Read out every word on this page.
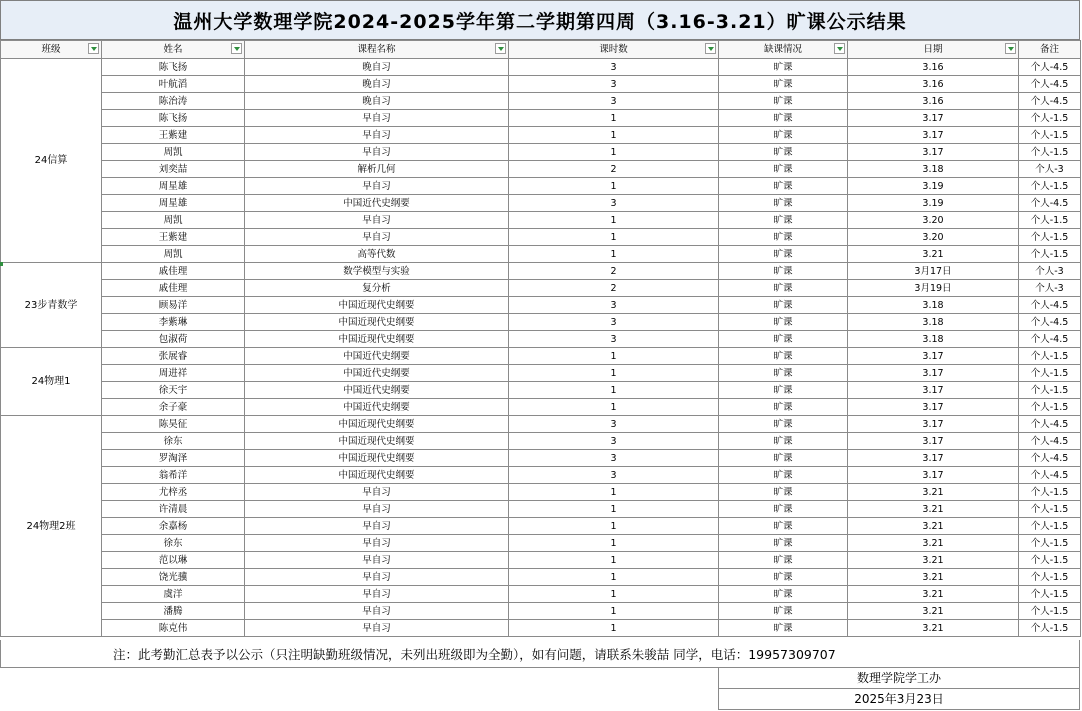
温州大学数理学院2024-2025学年第二学期第四周（3.16-3.21）旷课公示结果
班级	姓名	课程名称	课时数	缺课情况	日期	备注
24信算	陈飞扬	晚自习	3	旷课	3.16	个人-4.5
	叶航滔	晚自习	3	旷课	3.16	个人-4.5
	陈治涛	晚自习	3	旷课	3.16	个人-4.5
	陈飞扬	早自习	1	旷课	3.17	个人-1.5
	王紫建	早自习	1	旷课	3.17	个人-1.5
	周凯	早自习	1	旷课	3.17	个人-1.5
	刘奕喆	解析几何	2	旷课	3.18	个人-3
	周星雄	早自习	1	旷课	3.19	个人-1.5
	周星雄	中国近代史纲要	3	旷课	3.19	个人-4.5
	周凯	早自习	1	旷课	3.20	个人-1.5
	王紫建	早自习	1	旷课	3.20	个人-1.5
	周凯	高等代数	1	旷课	3.21	个人-1.5
23步青数学	戚佳理	数学模型与实验	2	旷课	3月17日	个人-3
	戚佳理	复分析	2	旷课	3月19日	个人-3
	顾易洋	中国近现代史纲要	3	旷课	3.18	个人-4.5
	李紫琳	中国近现代史纲要	3	旷课	3.18	个人-4.5
	包淑荷	中国近现代史纲要	3	旷课	3.18	个人-4.5
24物理1	张展睿	中国近代史纲要	1	旷课	3.17	个人-1.5
	周进祥	中国近代史纲要	1	旷课	3.17	个人-1.5
	徐天宇	中国近代史纲要	1	旷课	3.17	个人-1.5
	余子豪	中国近代史纲要	1	旷课	3.17	个人-1.5
24物理2班	陈昊征	中国近现代史纲要	3	旷课	3.17	个人-4.5
	徐东	中国近现代史纲要	3	旷课	3.17	个人-4.5
	罗淘泽	中国近现代史纲要	3	旷课	3.17	个人-4.5
	翁希洋	中国近现代史纲要	3	旷课	3.17	个人-4.5
	尤梓丞	早自习	1	旷课	3.21	个人-1.5
	许清晨	早自习	1	旷课	3.21	个人-1.5
	余嘉杨	早自习	1	旷课	3.21	个人-1.5
	徐东	早自习	1	旷课	3.21	个人-1.5
	范以琳	早自习	1	旷课	3.21	个人-1.5
	饶光骥	早自习	1	旷课	3.21	个人-1.5
	虞洋	早自习	1	旷课	3.21	个人-1.5
	潘腾	早自习	1	旷课	3.21	个人-1.5
	陈克伟	早自习	1	旷课	3.21	个人-1.5
注：此考勤汇总表予以公示（只注明缺勤班级情况，未列出班级即为全勤），如有问题，请联系朱骏喆 同学，电话：19957309707
数理学院学工办
2025年3月23日
